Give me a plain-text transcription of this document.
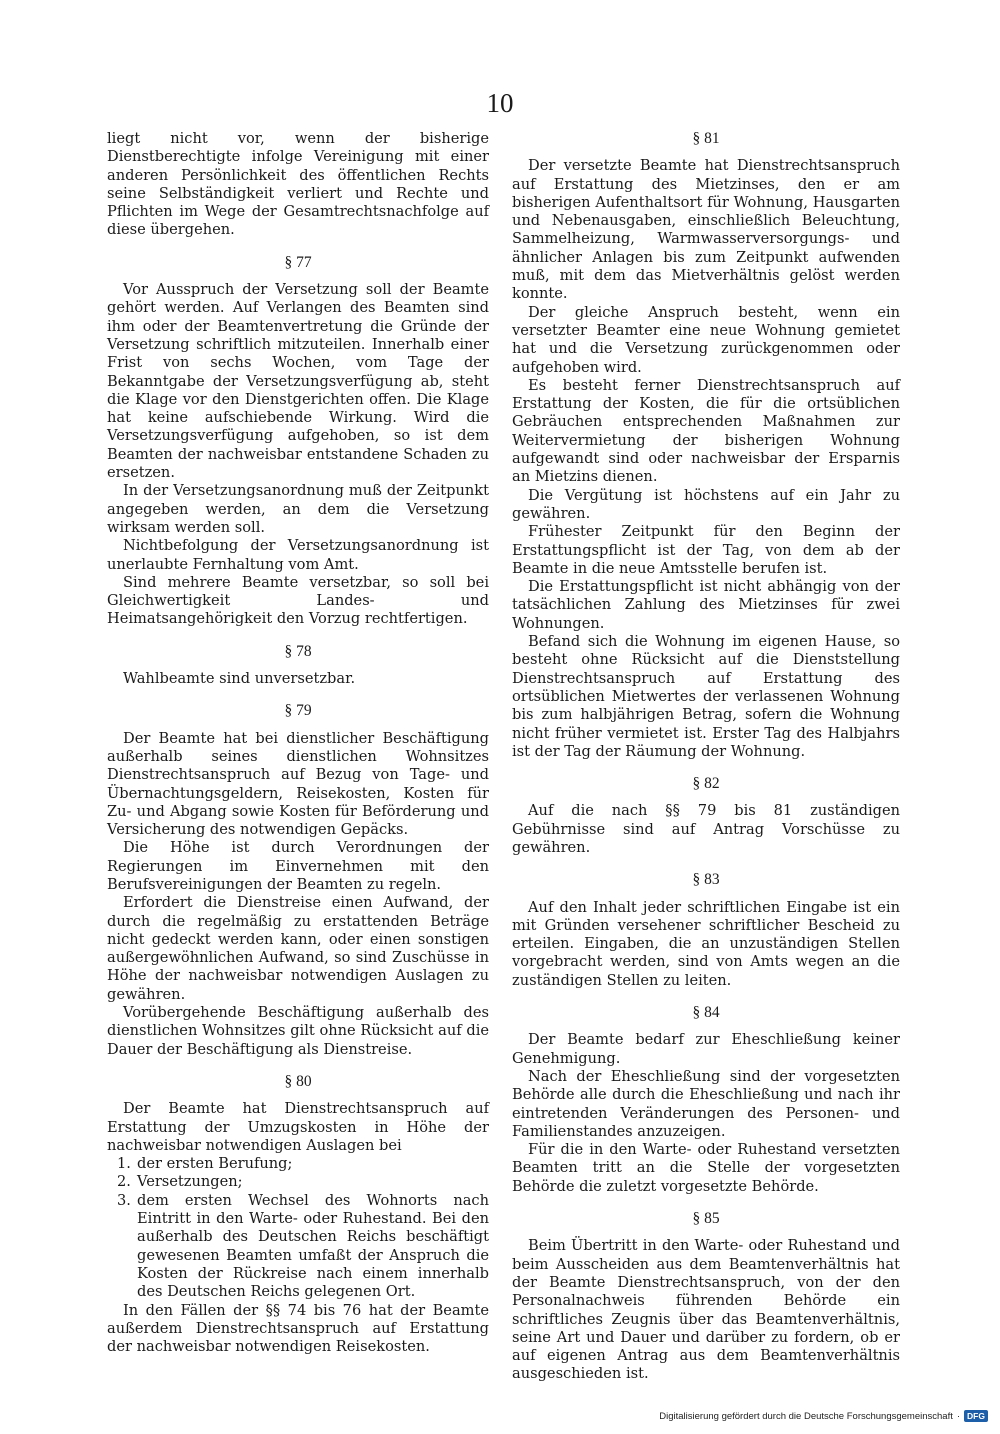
10

liegt nicht vor, wenn der bisherige Dienstberechtigte infolge Vereinigung mit einer anderen Persönlichkeit des öffentlichen Rechts seine Selbständigkeit verliert und Rechte und Pflichten im Wege der Gesamtrechtsnachfolge auf diese übergehen.

§ 77

Vor Ausspruch der Versetzung soll der Beamte gehört werden. Auf Verlangen des Beamten sind ihm oder der Beamtenvertretung die Gründe der Versetzung schriftlich mitzuteilen. Innerhalb einer Frist von sechs Wochen, vom Tage der Bekanntgabe der Versetzungsverfügung ab, steht die Klage vor den Dienstgerichten offen. Die Klage hat keine aufschiebende Wirkung. Wird die Versetzungsverfügung aufgehoben, so ist dem Beamten der nachweisbar entstandene Schaden zu ersetzen.

In der Versetzungsanordnung muß der Zeitpunkt angegeben werden, an dem die Versetzung wirksam werden soll.

Nichtbefolgung der Versetzungsanordnung ist unerlaubte Fernhaltung vom Amt.

Sind mehrere Beamte versetzbar, so soll bei Gleichwertigkeit Landes- und Heimatsangehörigkeit den Vorzug rechtfertigen.

§ 78

Wahlbeamte sind unversetzbar.

§ 79

Der Beamte hat bei dienstlicher Beschäftigung außerhalb seines dienstlichen Wohnsitzes Dienstrechtsanspruch auf Bezug von Tage- und Übernachtungsgeldern, Reisekosten, Kosten für Zu- und Abgang sowie Kosten für Beförderung und Versicherung des notwendigen Gepäcks.

Die Höhe ist durch Verordnungen der Regierungen im Einvernehmen mit den Berufsvereinigungen der Beamten zu regeln.

Erfordert die Dienstreise einen Aufwand, der durch die regelmäßig zu erstattenden Beträge nicht gedeckt werden kann, oder einen sonstigen außergewöhnlichen Aufwand, so sind Zuschüsse in Höhe der nachweisbar notwendigen Auslagen zu gewähren.

Vorübergehende Beschäftigung außerhalb des dienstlichen Wohnsitzes gilt ohne Rücksicht auf die Dauer der Beschäftigung als Dienstreise.

§ 80

Der Beamte hat Dienstrechtsanspruch auf Erstattung der Umzugskosten in Höhe der nachweisbar notwendigen Auslagen bei

1. der ersten Berufung;
2. Versetzungen;
3. dem ersten Wechsel des Wohnorts nach Eintritt in den Warte- oder Ruhestand. Bei den außerhalb des Deutschen Reichs beschäftigt gewesenen Beamten umfaßt der Anspruch die Kosten der Rückreise nach einem innerhalb des Deutschen Reichs gelegenen Ort.

In den Fällen der §§ 74 bis 76 hat der Beamte außerdem Dienstrechtsanspruch auf Erstattung der nachweisbar notwendigen Reisekosten.

§ 81

Der versetzte Beamte hat Dienstrechtsanspruch auf Erstattung des Mietzinses, den er am bisherigen Aufenthaltsort für Wohnung, Hausgarten und Nebenausgaben, einschließlich Beleuchtung, Sammelheizung, Warmwasserversorgungs- und ähnlicher Anlagen bis zum Zeitpunkt aufwenden muß, mit dem das Mietverhältnis gelöst werden konnte.

Der gleiche Anspruch besteht, wenn ein versetzter Beamter eine neue Wohnung gemietet hat und die Versetzung zurückgenommen oder aufgehoben wird.

Es besteht ferner Dienstrechtsanspruch auf Erstattung der Kosten, die für die ortsüblichen Gebräuchen entsprechenden Maßnahmen zur Weitervermietung der bisherigen Wohnung aufgewandt sind oder nachweisbar der Ersparnis an Mietzins dienen.

Die Vergütung ist höchstens auf ein Jahr zu gewähren.

Frühester Zeitpunkt für den Beginn der Erstattungspflicht ist der Tag, von dem ab der Beamte in die neue Amtsstelle berufen ist.

Die Erstattungspflicht ist nicht abhängig von der tatsächlichen Zahlung des Mietzinses für zwei Wohnungen.

Befand sich die Wohnung im eigenen Hause, so besteht ohne Rücksicht auf die Dienststellung Dienstrechtsanspruch auf Erstattung des ortsüblichen Mietwertes der verlassenen Wohnung bis zum halbjährigen Betrag, sofern die Wohnung nicht früher vermietet ist. Erster Tag des Halbjahrs ist der Tag der Räumung der Wohnung.

§ 82

Auf die nach §§ 79 bis 81 zuständigen Gebührnisse sind auf Antrag Vorschüsse zu gewähren.

§ 83

Auf den Inhalt jeder schriftlichen Eingabe ist ein mit Gründen versehener schriftlicher Bescheid zu erteilen. Eingaben, die an unzuständigen Stellen vorgebracht werden, sind von Amts wegen an die zuständigen Stellen zu leiten.

§ 84

Der Beamte bedarf zur Eheschließung keiner Genehmigung.

Nach der Eheschließung sind der vorgesetzten Behörde alle durch die Eheschließung und nach ihr eintretenden Veränderungen des Personen- und Familienstandes anzuzeigen.

Für die in den Warte- oder Ruhestand versetzten Beamten tritt an die Stelle der vorgesetzten Behörde die zuletzt vorgesetzte Behörde.

§ 85

Beim Übertritt in den Warte- oder Ruhestand und beim Ausscheiden aus dem Beamtenverhältnis hat der Beamte Dienstrechtsanspruch, von der den Personalnachweis führenden Behörde ein schriftliches Zeugnis über das Beamtenverhältnis, seine Art und Dauer und darüber zu fordern, ob er auf eigenen Antrag aus dem Beamtenverhältnis ausgeschieden ist.

Digitalisierung gefördert durch die Deutsche Forschungsgemeinschaft · DFG
